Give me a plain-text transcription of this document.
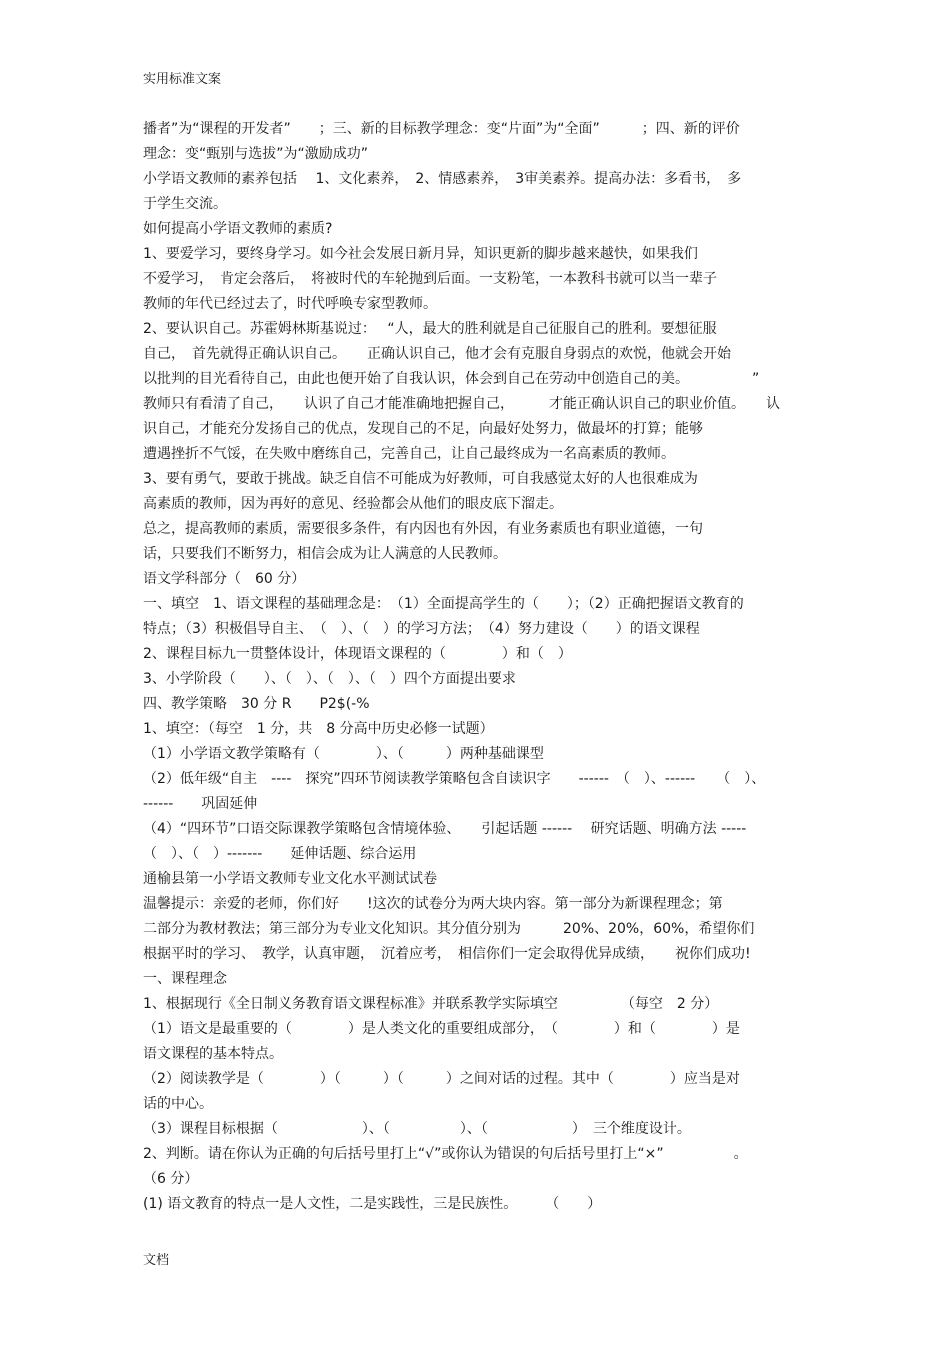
实用标准文案
播者”为“课程的开发者”　　；三、新的目标教学理念：变“片面”为“全面”　　　；四、新的评价
理念：变“甄别与选拔”为“激励成功”
小学语文教师的素养包括　 1、文化素养，　2、情感素养，　3审美素养。提高办法：多看书，　多
于学生交流。
如何提高小学语文教师的素质?
1、要爱学习，要终身学习。如今社会发展日新月异，知识更新的脚步越来越快，如果我们
不爱学习，　肯定会落后，　将被时代的车轮抛到后面。一支粉笔，一本教科书就可以当一辈子
教师的年代已经过去了，时代呼唤专家型教师。
2、要认识自己。苏霍姆林斯基说过：　 “人，最大的胜利就是自己征服自己的胜利。要想征服
自己，　首先就得正确认识自己。　　正确认识自己，他才会有克服自身弱点的欢悦，他就会开始
以批判的目光看待自己，由此也便开始了自我认识，体会到自己在劳动中创造自己的美。　　　　　”
教师只有看清了自己，　　认识了自己才能准确地把握自己，　　　才能正确认识自己的职业价值。　　认
识自己，才能充分发扬自己的优点，发现自己的不足，向最好处努力，做最坏的打算；能够
遭遇挫折不气馁，在失败中磨练自己，完善自己，让自己最终成为一名高素质的教师。
3、要有勇气，要敢于挑战。缺乏自信不可能成为好教师，可自我感觉太好的人也很难成为
高素质的教师，因为再好的意见、经验都会从他们的眼皮底下溜走。
总之，提高教师的素质，需要很多条件，有内因也有外因，有业务素质也有职业道德，一句
话，只要我们不断努力，相信会成为让人满意的人民教师。
语文学科部分（　60 分）
一、填空　1、语文课程的基础理念是：　（1）全面提高学生的（　　）；（2）正确把握语文教育的
特点；（3）积极倡导自主、　（　）、（　）的学习方法；　（4）努力建设（　　）的语文课程
2、课程目标九一贯整体设计，体现语文课程的（　　　　）和（　）
3、小学阶段（　　）、（　）、（　）、（　）四个方面提出要求
四、教学策略　30 分 R　　P2$(-%
1、填空：（每空　1 分，共　8 分高中历史必修一试题）
（1）小学语文教学策略有（　　　　）、（　　　）两种基础课型
（2）低年级“自主　----　探究”四环节阅读教学策略包含自读识字　　------　（　）、------　　（　）、
------　　巩固延伸
（4）“四环节”口语交际课教学策略包含情境体验、　　引起话题 ------　 研究话题、明确方法 -----
（　）、（　）-------　　延伸话题、综合运用
通榆县第一小学语文教师专业文化水平测试试卷
温馨提示：亲爱的老师，你们好　　!这次的试卷分为两大块内容。第一部分为新课程理念；第
二部分为教材教法；第三部分为专业文化知识。其分值分别为　　　20%、20%，60%，希望你们
根据平时的学习、　教学，认真审题，　沉着应考，　相信你们一定会取得优异成绩，　　祝你们成功!
一、课程理念
1、根据现行《全日制义务教育语文课程标准》并联系教学实际填空　　　　　（每空　2 分）
（1）语文是最重要的（　　　　）是人类文化的重要组成部分，　（　　　　）和（　　　　）是
语文课程的基本特点。
（2）阅读教学是（　　　　）（　　　）（　　　）之间对话的过程。其中（　　　　）应当是对
话的中心。
（3）课程目标根据（　　　　　　）、（　　　　　）、（　　　　　　）　三个维度设计。
2、判断。请在你认为正确的句后括号里打上“√”或你认为错误的句后括号里打上“×”　　　　　。
（6 分）
(1) 语文教育的特点一是人文性，二是实践性，三是民族性。　　　（　　）
文档
